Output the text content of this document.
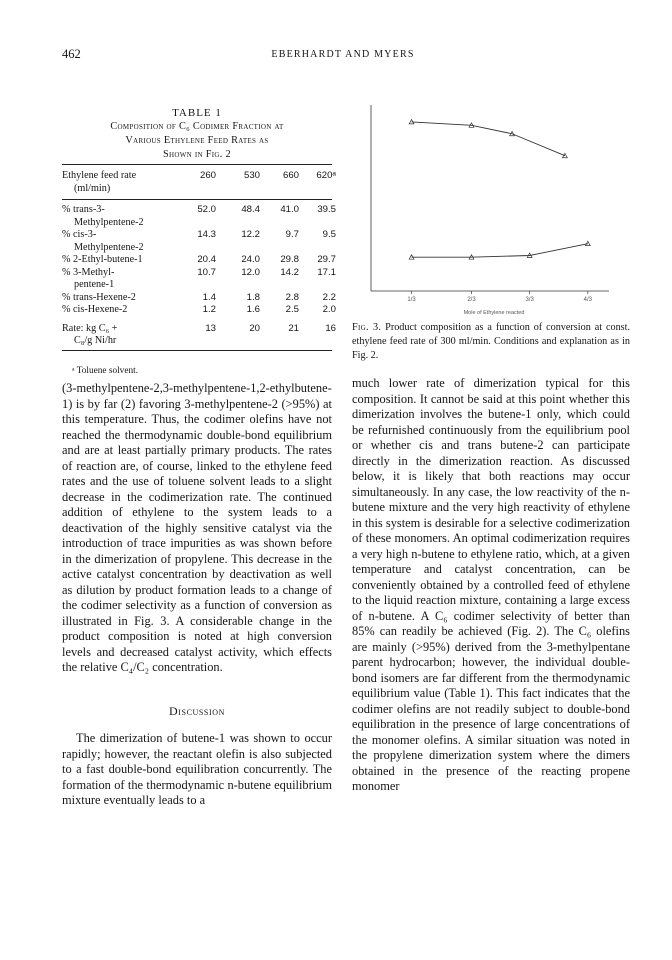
462	EBERHARDT AND MYERS
TABLE 1
Composition of C₆ Codimer Fraction at
Various Ethylene Feed Rates as
Shown in Fig. 2
Ethylene feed rate
(ml/min)
260	530	660	620ᵃ
% trans-3-
Methylpentene-2
52.0	48.4	41.0	39.5
% cis-3-
Methylpentene-2
14.3	12.2	9.7	9.5
% 2-Ethyl-butene-1	20.4	24.0	29.8	29.7
% 3-Methyl-
pentene-1
10.7	12.0	14.2	17.1
% trans-Hexene-2	1.4	1.8	2.8	2.2
% cis-Hexene-2	1.2	1.6	2.5	2.0
Rate: kg C₆ +
C₈/g Ni/hr
13	20	21	16
ᵃ Toluene solvent.

(3-methylpentene-2,3-methylpentene-1,2-ethylbutene-1) is by far (2) favoring 3-methylpentene-2 (>95%) at this temperature. Thus, the codimer olefins have not reached the thermodynamic double-bond equilibrium and are at least partially primary products. The rates of reaction are, of course, linked to the ethylene feed rates and the use of toluene solvent leads to a slight decrease in the codimerization rate. The continued addition of ethylene to the system leads to a deactivation of the highly sensitive catalyst via the introduction of trace impurities as was shown before in the dimerization of propylene. This decrease in the active catalyst concentration by deactivation as well as dilution by product formation leads to a change of the codimer selectivity as a function of conversion as illustrated in Fig. 3. A considerable change in the product composition is noted at high conversion levels and decreased catalyst activity, which effects the relative C₄/C₂ concentration.

Discussion

The dimerization of butene-1 was shown to occur rapidly; however, the reactant olefin is also subjected to a fast double-bond equilibration concurrently. The formation of the thermodynamic n-butene equilibrium mixture eventually leads to a

1/3	2/3	3/3	4/3
Mole of Ethylene reacted
Fig. 3. Product composition as a function of conversion at const. ethylene feed rate of 300 ml/min. Conditions and explanation as in Fig. 2.

much lower rate of dimerization typical for this composition. It cannot be said at this point whether this dimerization involves the butene-1 only, which could be refurnished continuously from the equilibrium pool or whether cis and trans butene-2 can participate directly in the dimerization reaction. As discussed below, it is likely that both reactions may occur simultaneously. In any case, the low reactivity of the n-butene mixture and the very high reactivity of ethylene in this system is desirable for a selective codimerization of these monomers. An optimal codimerization requires a very high n-butene to ethylene ratio, which, at a given temperature and catalyst concentration, can be conveniently obtained by a controlled feed of ethylene to the liquid reaction mixture, containing a large excess of n-butene. A C₆ codimer selectivity of better than 85% can readily be achieved (Fig. 2). The C₆ olefins are mainly (>95%) derived from the 3-methylpentane parent hydrocarbon; however, the individual double-bond isomers are far different from the thermodynamic equilibrium value (Table 1). This fact indicates that the codimer olefins are not readily subject to double-bond equilibration in the presence of large concentrations of the monomer olefins. A similar situation was noted in the propylene dimerization system where the dimers obtained in the presence of the reacting propene monomer
